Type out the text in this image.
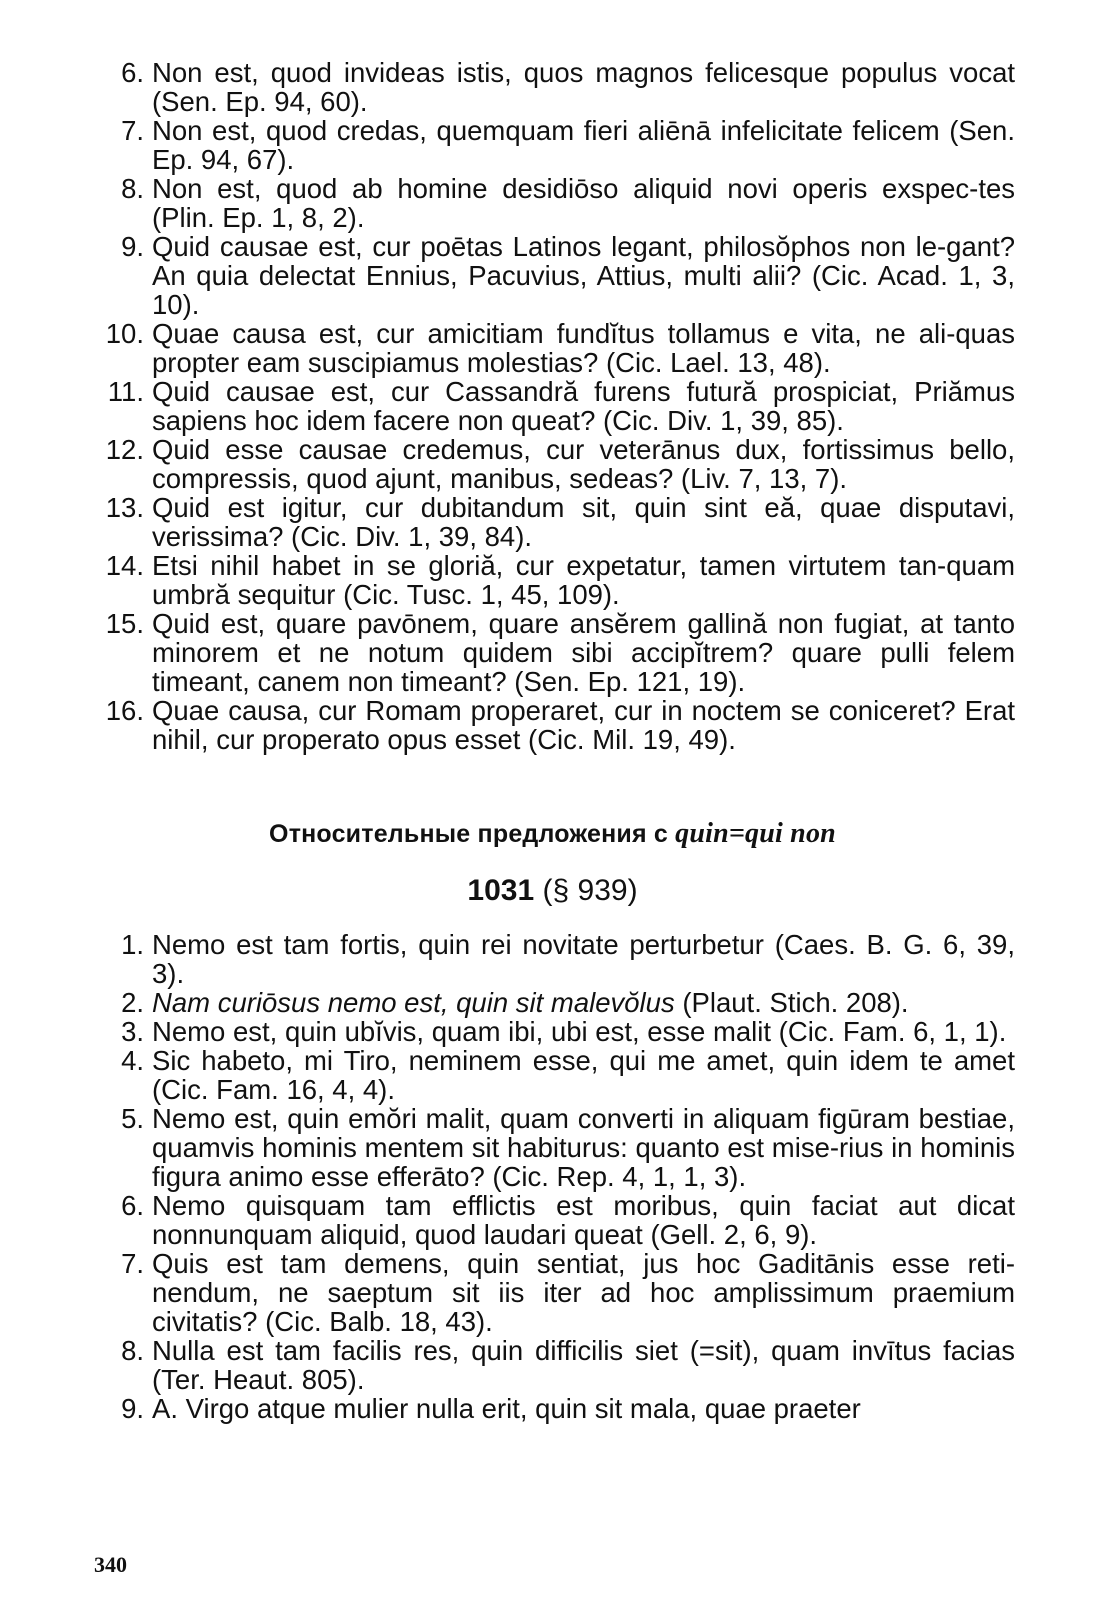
6. Non est, quod invideas istis, quos magnos felicesque populus vocat (Sen. Ep. 94, 60).
7. Non est, quod credas, quemquam fieri aliēnā infelicitate felicem (Sen. Ep. 94, 67).
8. Non est, quod ab homine desidiōso aliquid novi operis exspec-tes (Plin. Ep. 1, 8, 2).
9. Quid causae est, cur poētas Latinos legant, philosŏphos non le-gant? An quia delectat Ennius, Pacuvius, Attius, multi alii? (Cic. Acad. 1, 3, 10).
10. Quae causa est, cur amicitiam fundĭtus tollamus e vita, ne ali-quas propter eam suscipiamus molestias? (Cic. Lael. 13, 48).
11. Quid causae est, cur Cassandră furens futură prospiciat, Priămus sapiens hoc idem facere non queat? (Cic. Div. 1, 39, 85).
12. Quid esse causae credemus, cur veterānus dux, fortissimus bello, compressis, quod ajunt, manibus, sedeas? (Liv. 7, 13, 7).
13. Quid est igitur, cur dubitandum sit, quin sint eă, quae disputavi, verissima? (Cic. Div. 1, 39, 84).
14. Etsi nihil habet in se gloriă, cur expetatur, tamen virtutem tan-quam umbră sequitur (Cic. Tusc. 1, 45, 109).
15. Quid est, quare pavōnem, quare ansĕrem gallină non fugiat, at tanto minorem et ne notum quidem sibi accipĭtrem? quare pulli felem timeant, canem non timeant? (Sen. Ep. 121, 19).
16. Quae causa, cur Romam properaret, cur in noctem se coniceret? Erat nihil, cur properato opus esset (Cic. Mil. 19, 49).
Относительные предложения с quin=qui non
1031 (§ 939)
1. Nemo est tam fortis, quin rei novitate perturbetur (Caes. B. G. 6, 39, 3).
2. Nam curiōsus nemo est, quin sit malevŏlus (Plaut. Stich. 208).
3. Nemo est, quin ubĭvis, quam ibi, ubi est, esse malit (Cic. Fam. 6, 1, 1).
4. Sic habeto, mi Tiro, neminem esse, qui me amet, quin idem te amet (Cic. Fam. 16, 4, 4).
5. Nemo est, quin emŏri malit, quam converti in aliquam figūram bestiae, quamvis hominis mentem sit habiturus: quanto est mise-rius in hominis figura animo esse efferāto? (Cic. Rep. 4, 1, 1, 3).
6. Nemo quisquam tam efflictis est moribus, quin faciat aut dicat nonnunquam aliquid, quod laudari queat (Gell. 2, 6, 9).
7. Quis est tam demens, quin sentiat, jus hoc Gaditānis esse reti-nendum, ne saeptum sit iis iter ad hoc amplissimum praemium civitatis? (Cic. Balb. 18, 43).
8. Nulla est tam facilis res, quin difficilis siet (=sit), quam invītus facias (Ter. Heaut. 805).
9. A. Virgo atque mulier nulla erit, quin sit mala, quae praeter
340
